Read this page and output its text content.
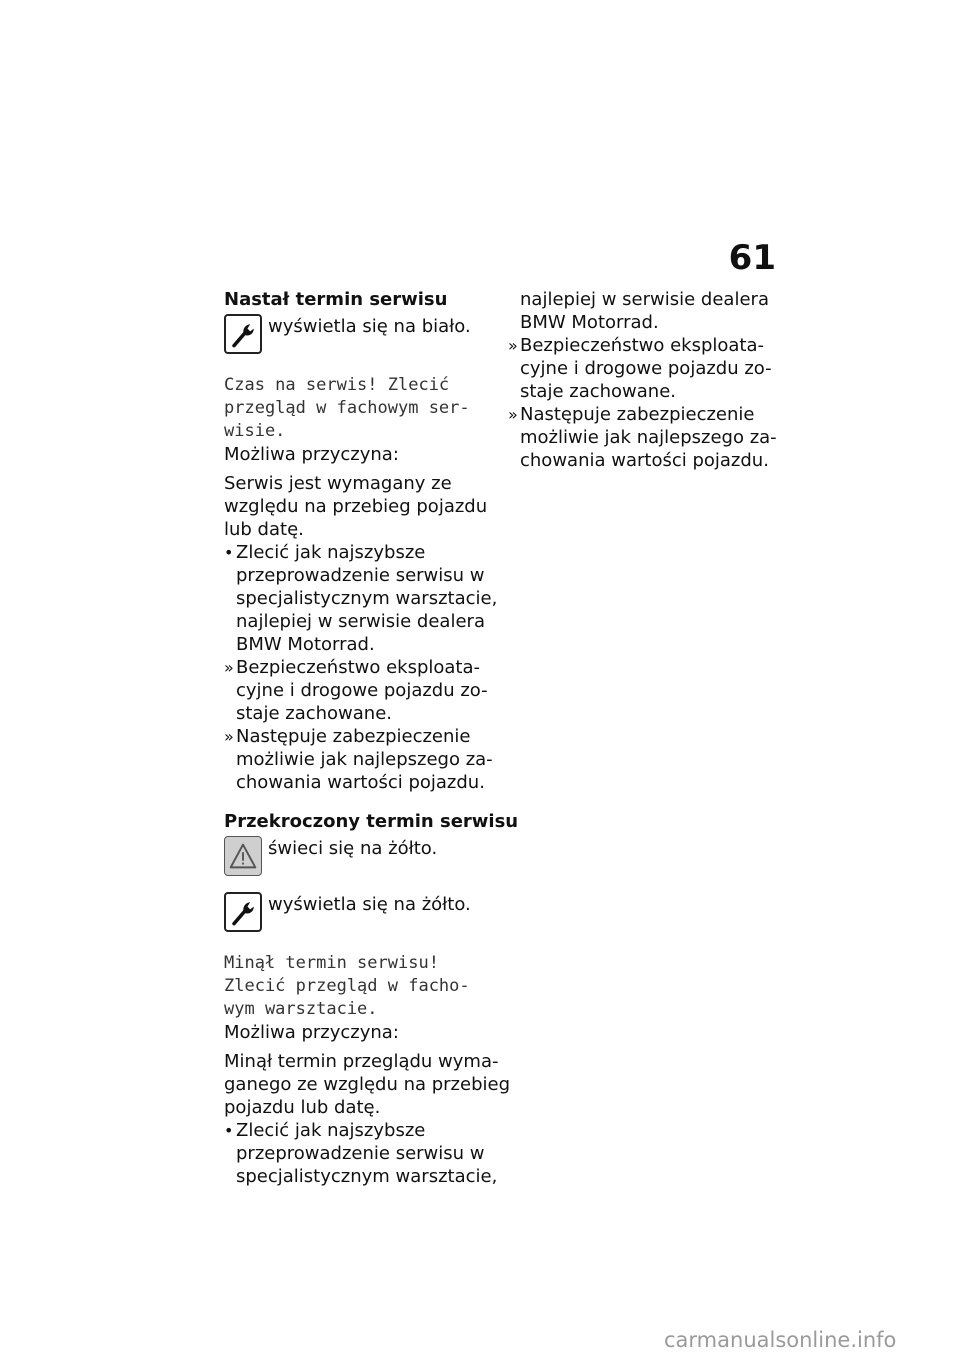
61
Nastał termin serwisu
wyświetla się na biało.
Czas na serwis! Zlecić
przegląd w fachowym ser-
wisie.
Możliwa przyczyna:
Serwis jest wymagany ze
względu na przebieg pojazdu
lub datę.
• Zlecić jak najszybsze
przeprowadzenie serwisu w
specjalistycznym warsztacie,
najlepiej w serwisie dealera
BMW Motorrad.
» Bezpieczeństwo eksploata-
cyjne i drogowe pojazdu zo-
staje zachowane.
» Następuje zabezpieczenie
możliwie jak najlepszego za-
chowania wartości pojazdu.
Przekroczony termin serwisu
świeci się na żółto.
wyświetla się na żółto.
Minął termin serwisu!
Zlecić przegląd w facho-
wym warsztacie.
Możliwa przyczyna:
Minął termin przeglądu wyma-
ganego ze względu na przebieg
pojazdu lub datę.
• Zlecić jak najszybsze
przeprowadzenie serwisu w
specjalistycznym warsztacie,
najlepiej w serwisie dealera
BMW Motorrad.
» Bezpieczeństwo eksploata-
cyjne i drogowe pojazdu zo-
staje zachowane.
» Następuje zabezpieczenie
możliwie jak najlepszego za-
chowania wartości pojazdu.
carmanualsonline.info
